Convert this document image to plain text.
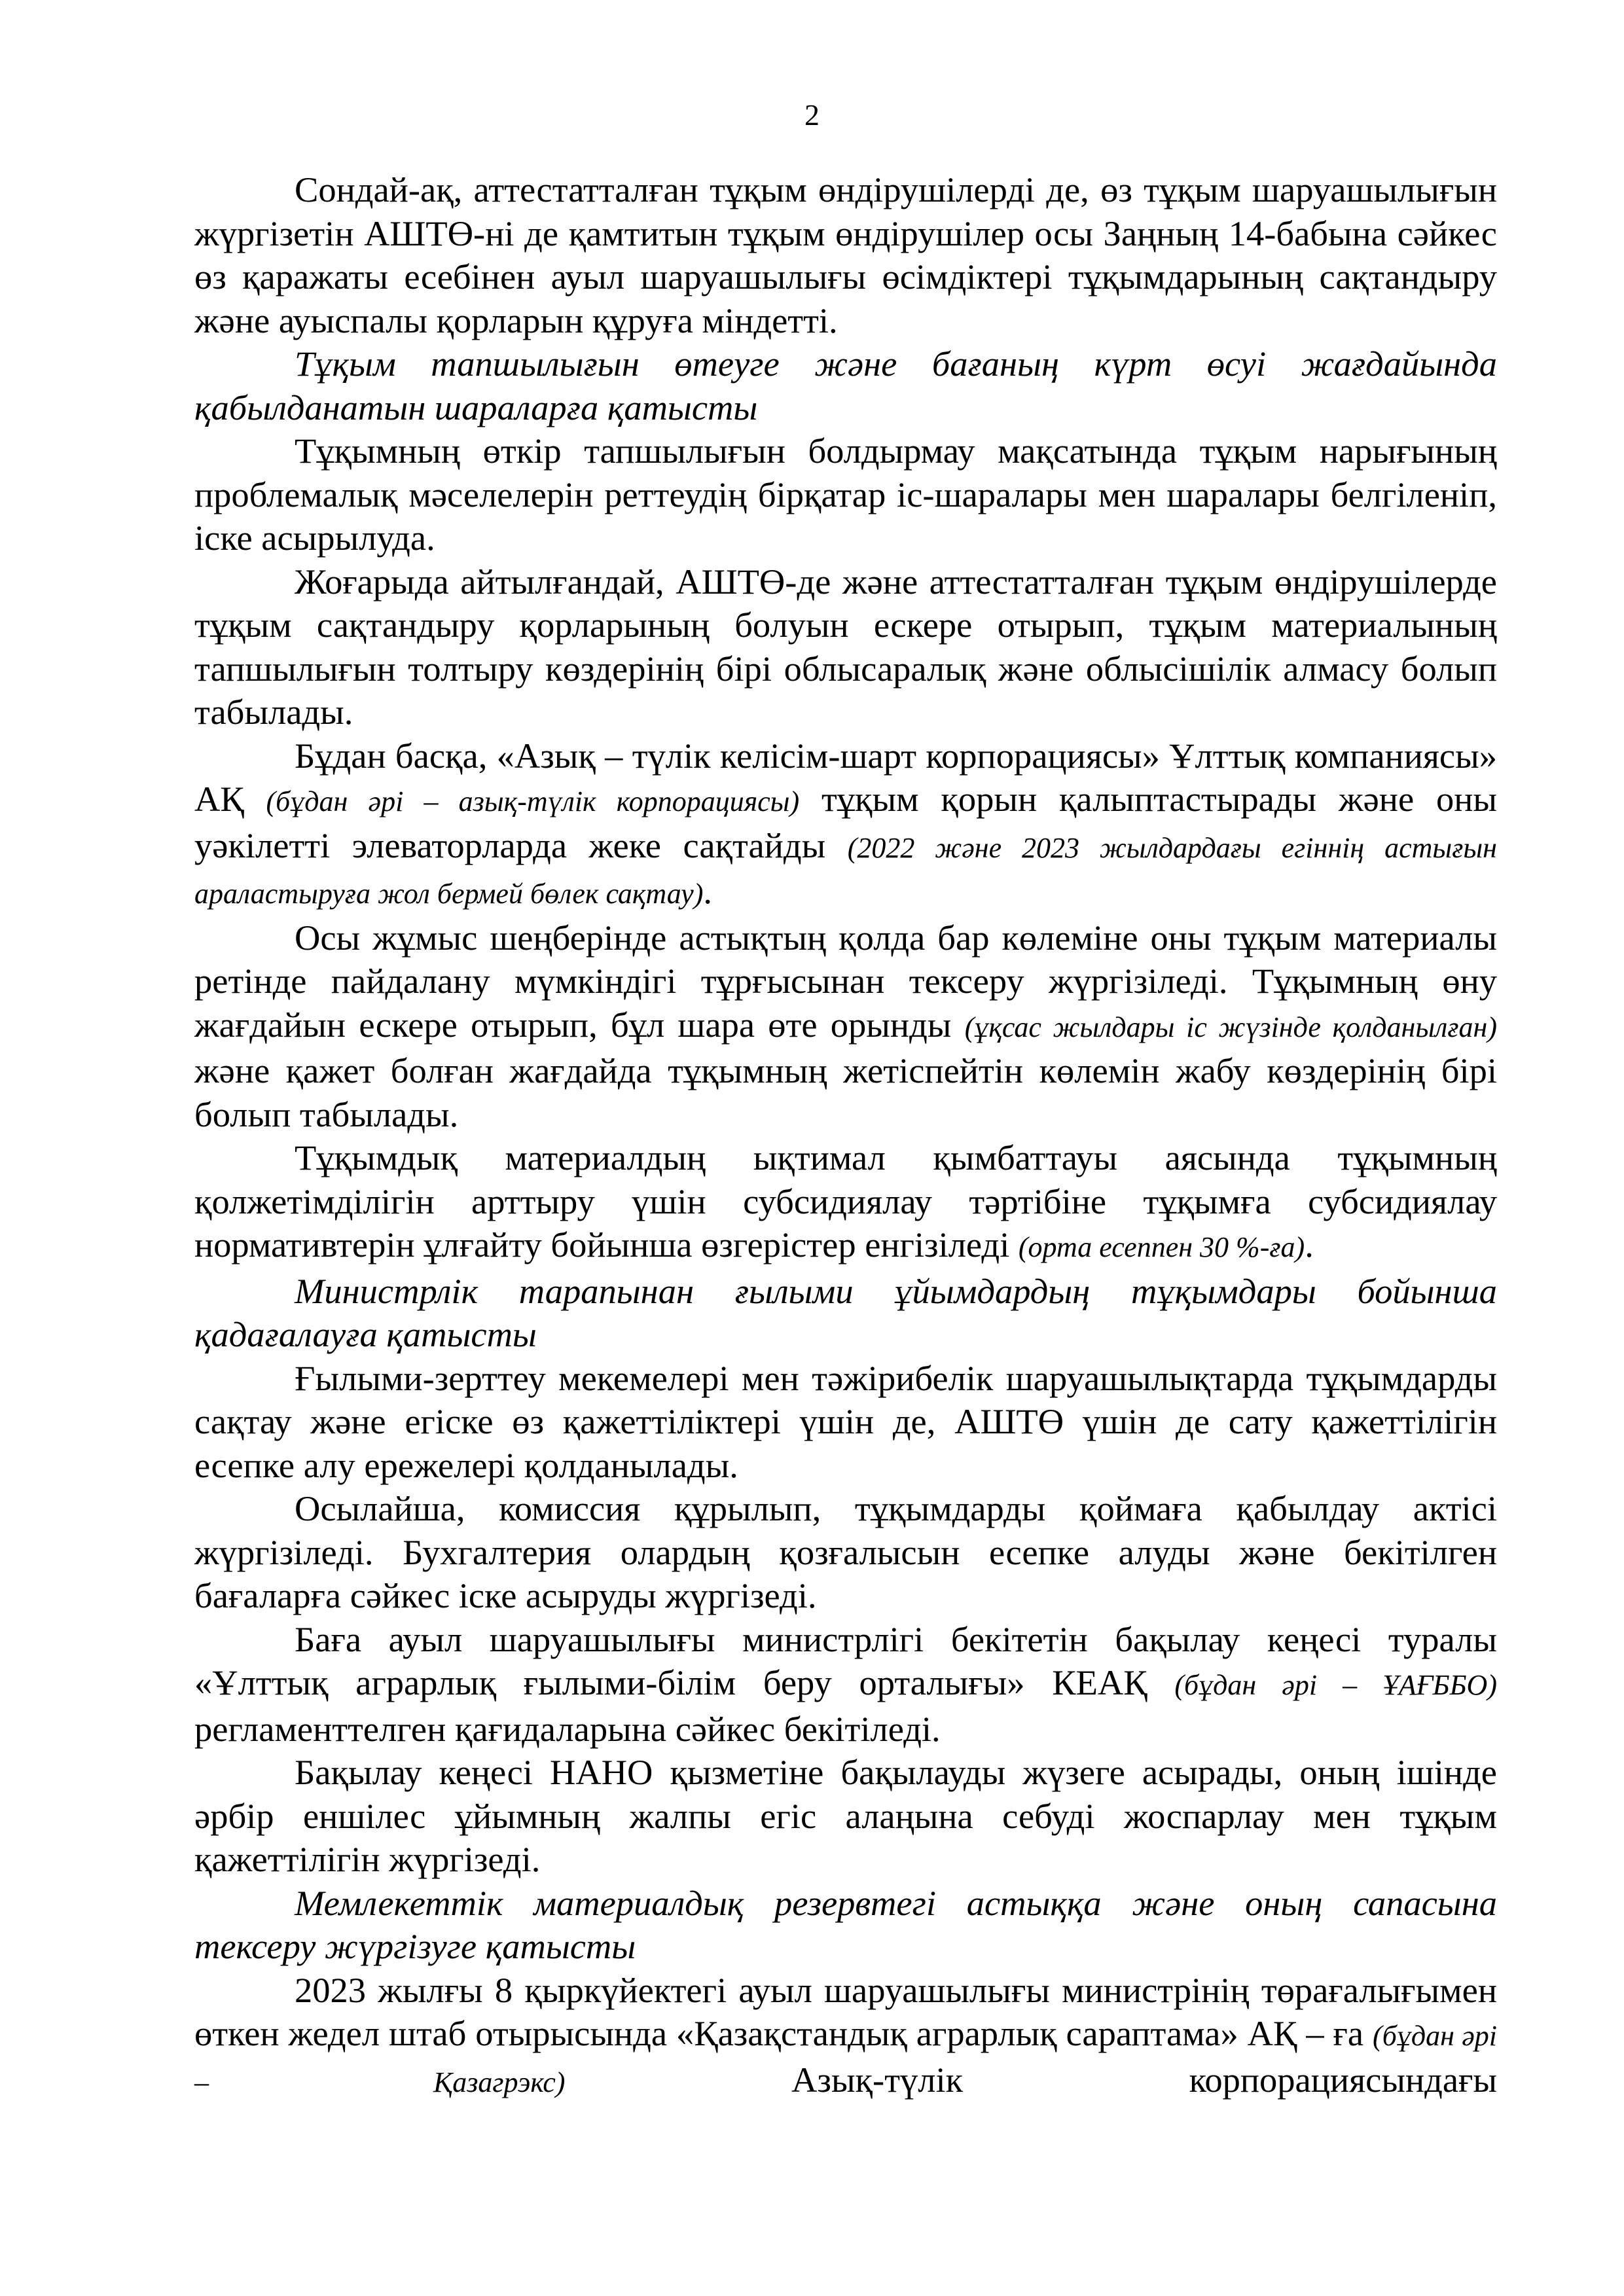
2

Сондай-ақ, аттестатталған тұқым өндірушілерді де, өз тұқым шаруашылығын жүргізетін АШТӨ-ні де қамтитын тұқым өндірушілер осы Заңның 14-бабына сәйкес өз қаражаты есебінен ауыл шаруашылығы өсімдіктері тұқымдарының сақтандыру және ауыспалы қорларын құруға міндетті.

Тұқым тапшылығын өтеуге және бағаның күрт өсуі жағдайында қабылданатын шараларға қатысты

Тұқымның өткір тапшылығын болдырмау мақсатында тұқым нарығының проблемалық мәселелерін реттеудің бірқатар іс-шаралары мен шаралары белгіленіп, іске асырылуда.

Жоғарыда айтылғандай, АШТӨ-де және аттестатталған тұқым өндірушілерде тұқым сақтандыру қорларының болуын ескере отырып, тұқым материалының тапшылығын толтыру көздерінің бірі облысаралық және облысішілік алмасу болып табылады.

Бұдан басқа, «Азық – түлік келісім-шарт корпорациясы» Ұлттық компаниясы» АҚ (бұдан әрі – азық-түлік корпорациясы) тұқым қорын қалыптастырады және оны уәкілетті элеваторларда жеке сақтайды (2022 және 2023 жылдардағы егіннің астығын араластыруға жол бермей бөлек сақтау).

Осы жұмыс шеңберінде астықтың қолда бар көлеміне оны тұқым материалы ретінде пайдалану мүмкіндігі тұрғысынан тексеру жүргізіледі. Тұқымның өну жағдайын ескере отырып, бұл шара өте орынды (ұқсас жылдары іс жүзінде қолданылған) және қажет болған жағдайда тұқымның жетіспейтін көлемін жабу көздерінің бірі болып табылады.

Тұқымдық материалдың ықтимал қымбаттауы аясында тұқымның қолжетімділігін арттыру үшін субсидиялау тәртібіне тұқымға субсидиялау нормативтерін ұлғайту бойынша өзгерістер енгізіледі (орта есеппен 30 %-ға).

Министрлік тарапынан ғылыми ұйымдардың тұқымдары бойынша қадағалауға қатысты

Ғылыми-зерттеу мекемелері мен тәжірибелік шаруашылықтарда тұқымдарды сақтау және егіске өз қажеттіліктері үшін де, АШТӨ үшін де сату қажеттілігін есепке алу ережелері қолданылады.

Осылайша, комиссия құрылып, тұқымдарды қоймаға қабылдау актісі жүргізіледі. Бухгалтерия олардың қозғалысын есепке алуды және бекітілген бағаларға сәйкес іске асыруды жүргізеді.

Баға ауыл шаруашылығы министрлігі бекітетін бақылау кеңесі туралы «Ұлттық аграрлық ғылыми-білім беру орталығы» КЕАҚ (бұдан әрі – ҰАҒББО) регламенттелген қағидаларына сәйкес бекітіледі.

Бақылау кеңесі НАНО қызметіне бақылауды жүзеге асырады, оның ішінде әрбір еншілес ұйымның жалпы егіс алаңына себуді жоспарлау мен тұқым қажеттілігін жүргізеді.

Мемлекеттік материалдық резервтегі астыққа және оның сапасына тексеру жүргізуге қатысты

2023 жылғы 8 қыркүйектегі ауыл шаруашылығы министрінің төрағалығымен өткен жедел штаб отырысында «Қазақстандық аграрлық сараптама» АҚ – ға (бұдан әрі – Қазагрэкс) Азық-түлік корпорациясындағы
